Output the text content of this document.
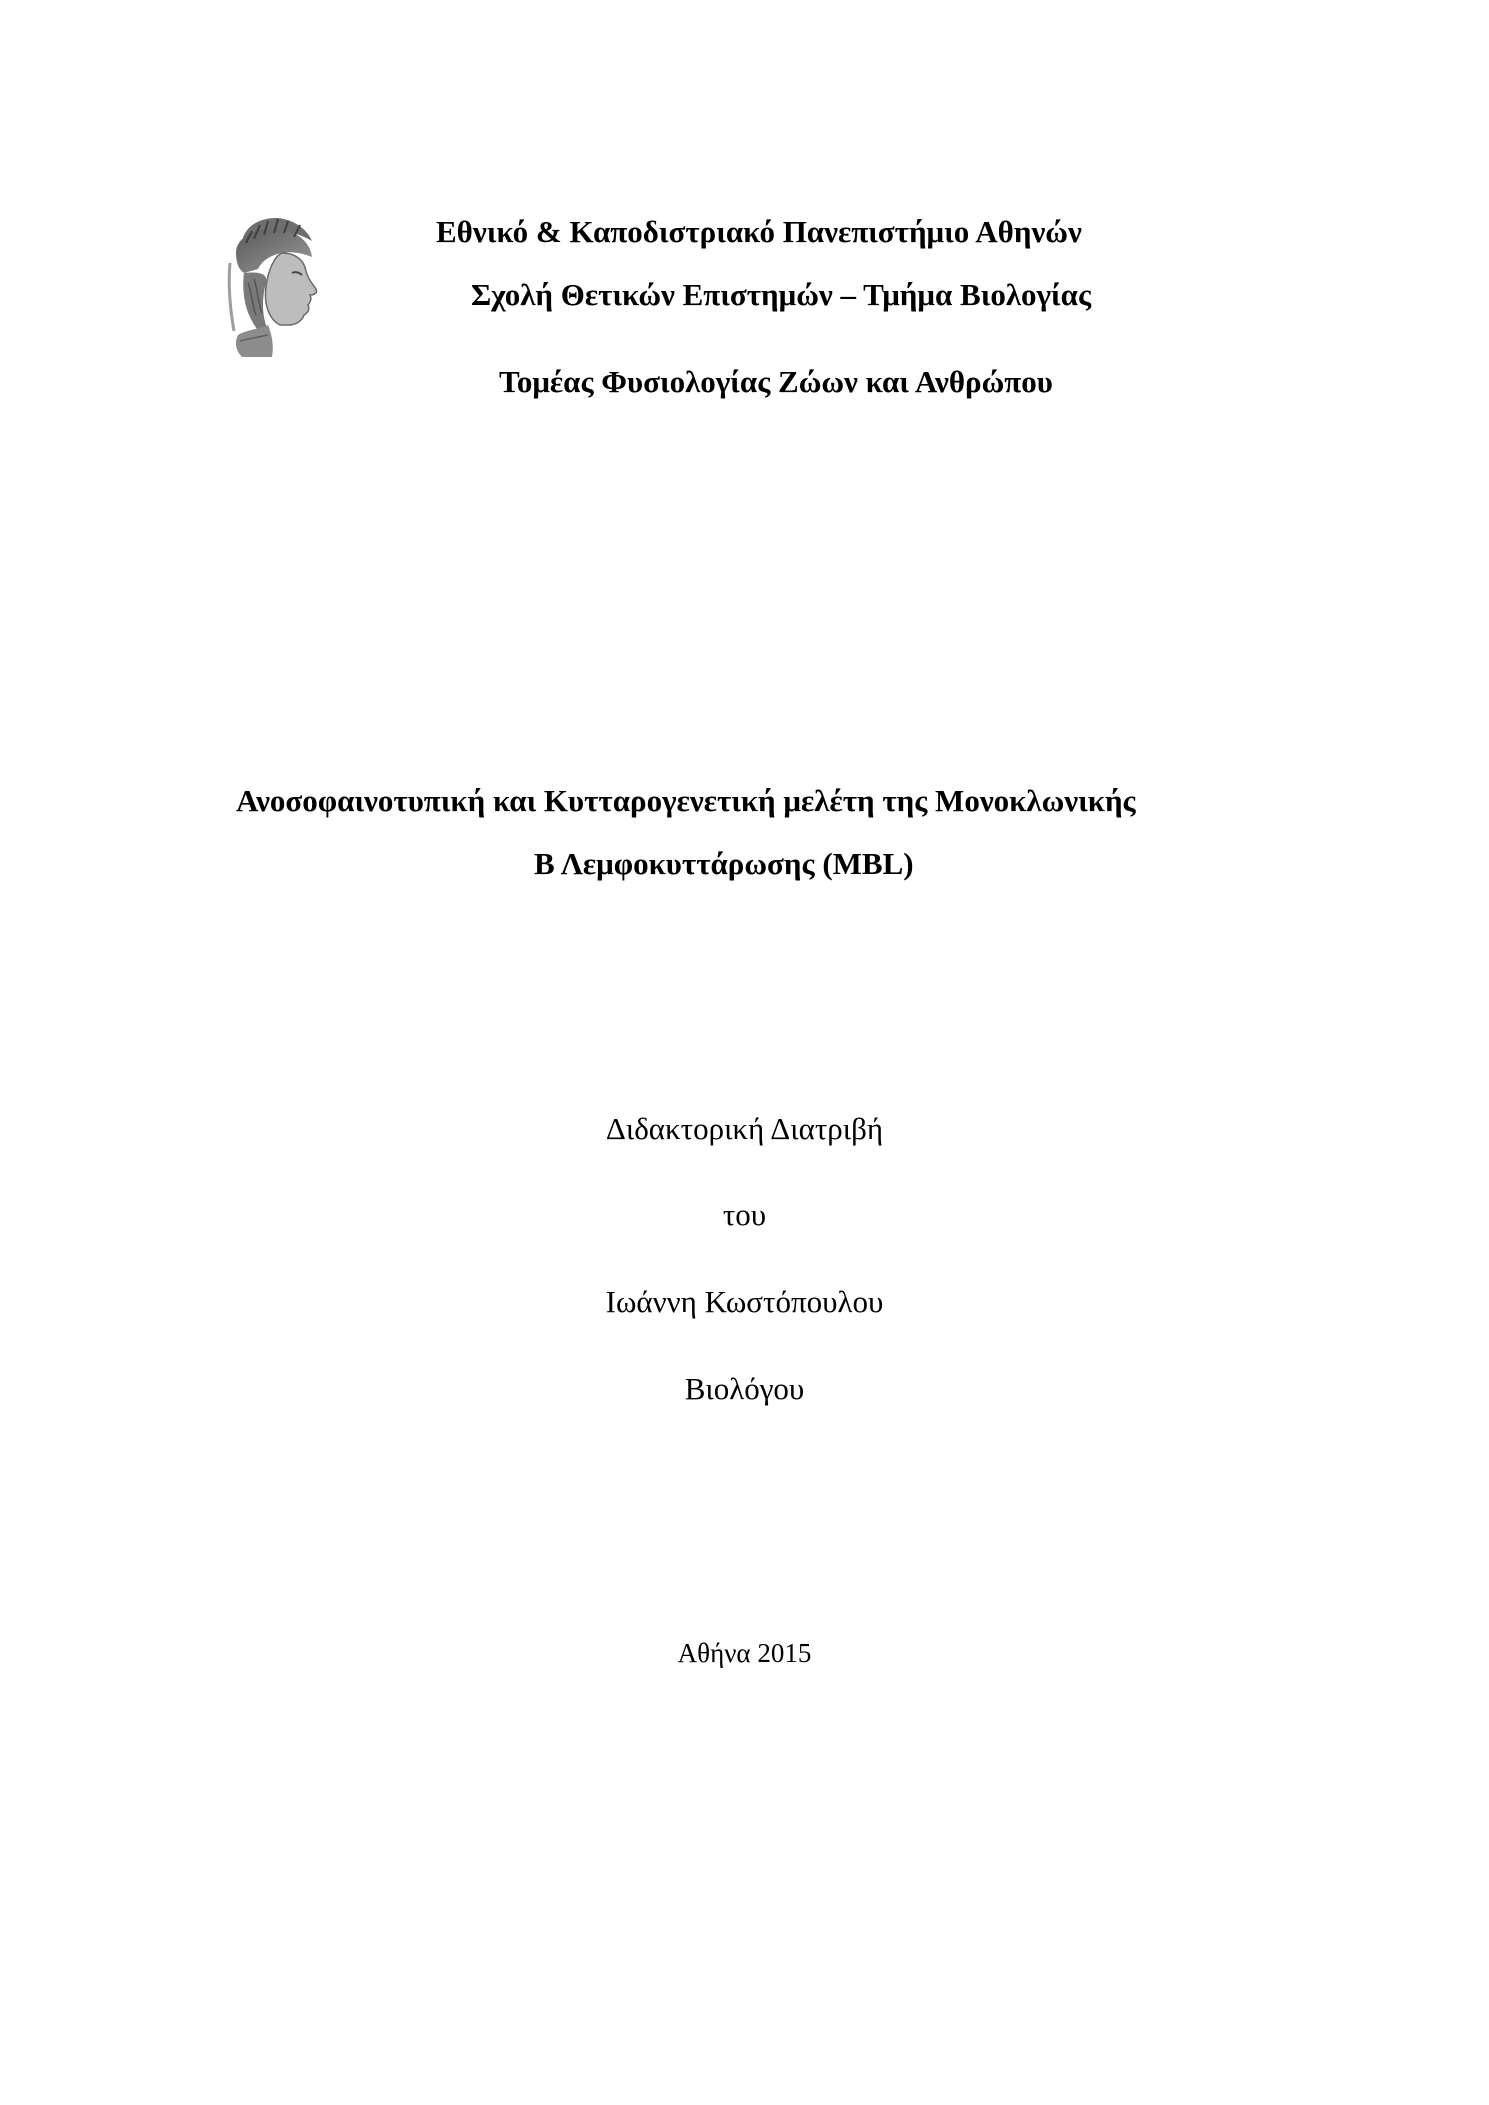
Εθνικό & Καποδιστριακό Πανεπιστήμιο Αθηνών
Σχολή Θετικών Επιστημών – Τμήμα Βιολογίας
Τομέας Φυσιολογίας Ζώων και Ανθρώπου
Ανοσοφαινοτυπική και Κυτταρογενετική μελέτη της Μονοκλωνικής
Β Λεμφοκυττάρωσης (MBL)
Διδακτορική Διατριβή
του
Ιωάννη Κωστόπουλου
Βιολόγου
Αθήνα 2015
